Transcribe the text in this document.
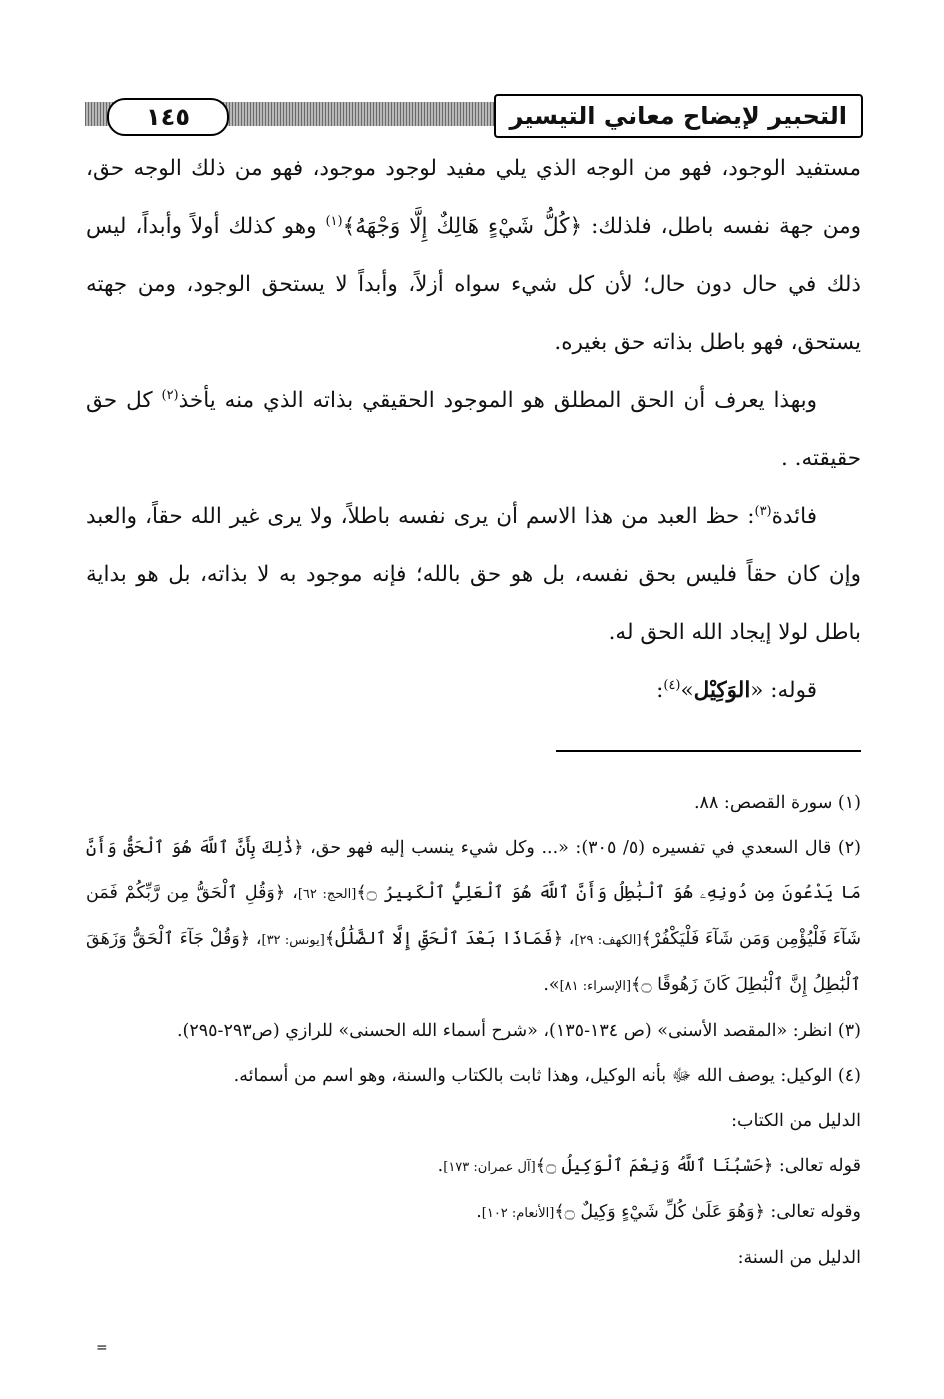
التحبير لإيضاح معاني التيسير
١٤٥

مستفيد الوجود، فهو من الوجه الذي يلي مفيد لوجود موجود، فهو من ذلك الوجه حق، ومن جهة نفسه باطل، فلذلك: ﴿كُلُّ شَيْءٍ هَالِكٌ إِلَّا وَجْهَهُ﴾$^{(١)}$ وهو كذلك أولاً وأبداً، ليس ذلك في حال دون حال؛ لأن كل شيء سواه أزلاً، وأبداً لا يستحق الوجود، ومن جهته يستحق، فهو باطل بذاته حق بغيره.

وبهذا يعرف أن الحق المطلق هو الموجود الحقيقي بذاته الذي منه يأخذ$^{(٢)}$ كل حق حقيقته. .

فائدة$^{(٣)}$: حظ العبد من هذا الاسم أن يرى نفسه باطلاً، ولا يرى غير الله حقاً، والعبد وإن كان حقاً فليس بحق نفسه، بل هو حق بالله؛ فإنه موجود به لا بذاته، بل هو بداية باطل لولا إيجاد الله الحق له.

قوله: «الوَكِيْل»$^{(٤)}$:

(١) سورة القصص: ٨٨.

(٢) قال السعدي في تفسيره (٥/ ٣٠٥): «... وكل شيء ينسب إليه فهو حق، ﴿ذَٰلِكَ بِأَنَّ ٱللَّهَ هُوَ ٱلْحَقُّ وَأَنَّ مَا يَدْعُونَ مِن دُونِهِۦ هُوَ ٱلْبَٰطِلُ وَأَنَّ ٱللَّهَ هُوَ ٱلْعَلِيُّ ٱلْكَبِيرُ ۝﴾[الحج: ٦٢]، ﴿وَقُلِ ٱلْحَقُّ مِن رَّبِّكُمْ فَمَن شَآءَ فَلْيُؤْمِن وَمَن شَآءَ فَلْيَكْفُرْ﴾[الكهف: ٢٩]، ﴿فَمَاذَا بَعْدَ ٱلْحَقِّ إِلَّا ٱلضَّلَٰلُ﴾[يونس: ٣٢]، ﴿وَقُلْ جَآءَ ٱلْحَقُّ وَزَهَقَ ٱلْبَٰطِلُ إِنَّ ٱلْبَٰطِلَ كَانَ زَهُوقًا ۝﴾[الإسراء: ٨١]».

(٣) انظر: «المقصد الأسنى» (ص ١٣٤-١٣٥)، «شرح أسماء الله الحسنى» للرازي (ص٢٩٣-٢٩٥).

(٤) الوكيل: يوصف الله ﷻ بأنه الوكيل، وهذا ثابت بالكتاب والسنة، وهو اسم من أسمائه.

الدليل من الكتاب:

قوله تعالى: ﴿حَسْبُنَا ٱللَّهُ وَنِعْمَ ٱلْوَكِيلُ ۝﴾[آل عمران: ١٧٣].

وقوله تعالى: ﴿وَهُوَ عَلَىٰ كُلِّ شَيْءٍ وَكِيلٌ ۝﴾[الأنعام: ١٠٢].

الدليل من السنة:

=
